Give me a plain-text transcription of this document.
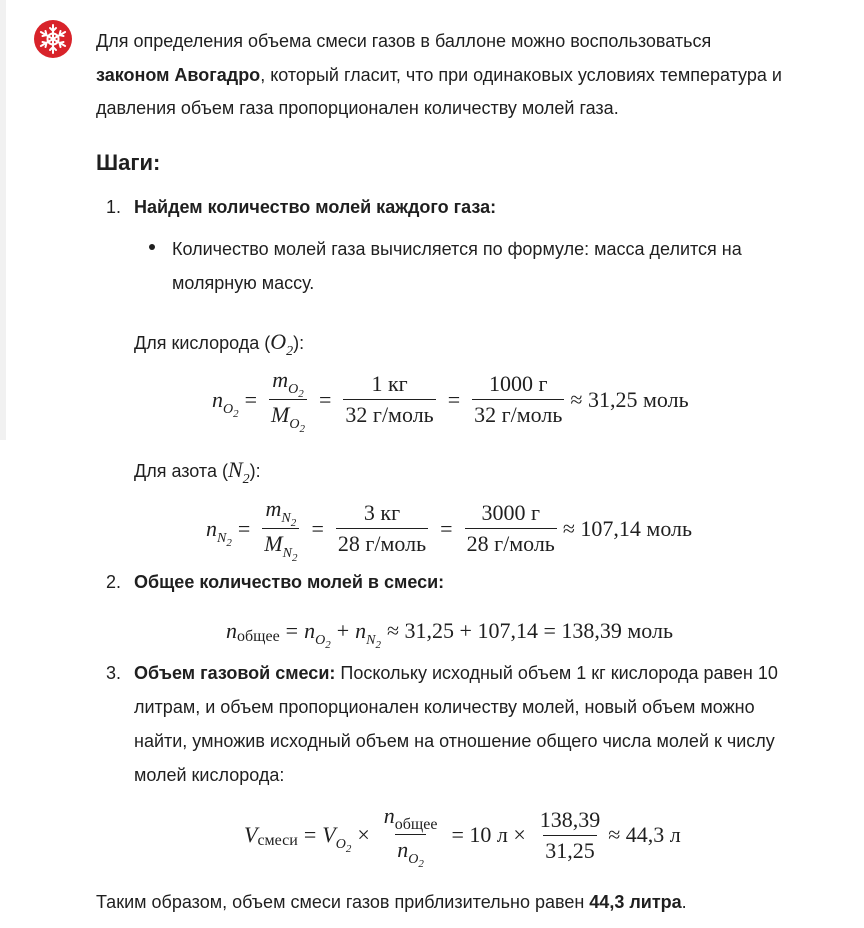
Для определения объема смеси газов в баллоне можно воспользоваться
законом Авогадро, который гласит, что при одинаковых условиях температура и
давления объем газа пропорционален количеству молей газа.
Шаги:
1. Найдем количество молей каждого газа:
Количество молей газа вычисляется по формуле: масса делится на
молярную массу.
Для кислорода $(O_2)$:
$n_{O_2}$
= $\frac{m_{O_2}}{M_{O_2}} = \frac{1 кг}{\text{32 г/моль}} = \frac{1000 г}{\text{32 г/моль}} \approx 31,25$ моль
Для азота $(N_2)$:
$n_{N_2}$
= $\frac{m_{N_2}}{M_{N_2}} = \frac{3 кг}{\text{28 г/моль}} = \frac{3000 г}{\text{28 г/моль}} \approx 107,14$ моль
2. Общее количество молей в смеси:
n общее = $n_{O_2}$
+ $n_{N_2}$
≈ 31,25 + 107,14 = 138,39 моль
3. Объем газовой смеси: Поскольку исходный объем 1 кг кислорода равен 10
литрам, и объем пропорционален количеству молей, новый объем можно
найти, умножив исходный объем на отношение общего числа молей к числу
молей кислорода:
V смеси = $V_{O_2}$
× $\frac{n_{общее}}{n_{O_2}} = 10$ $л \times \frac{138,39}{31,25} \approx 44,3$ л
Таким образом, объем смеси газов приблизительно равен 44,3 литра.
